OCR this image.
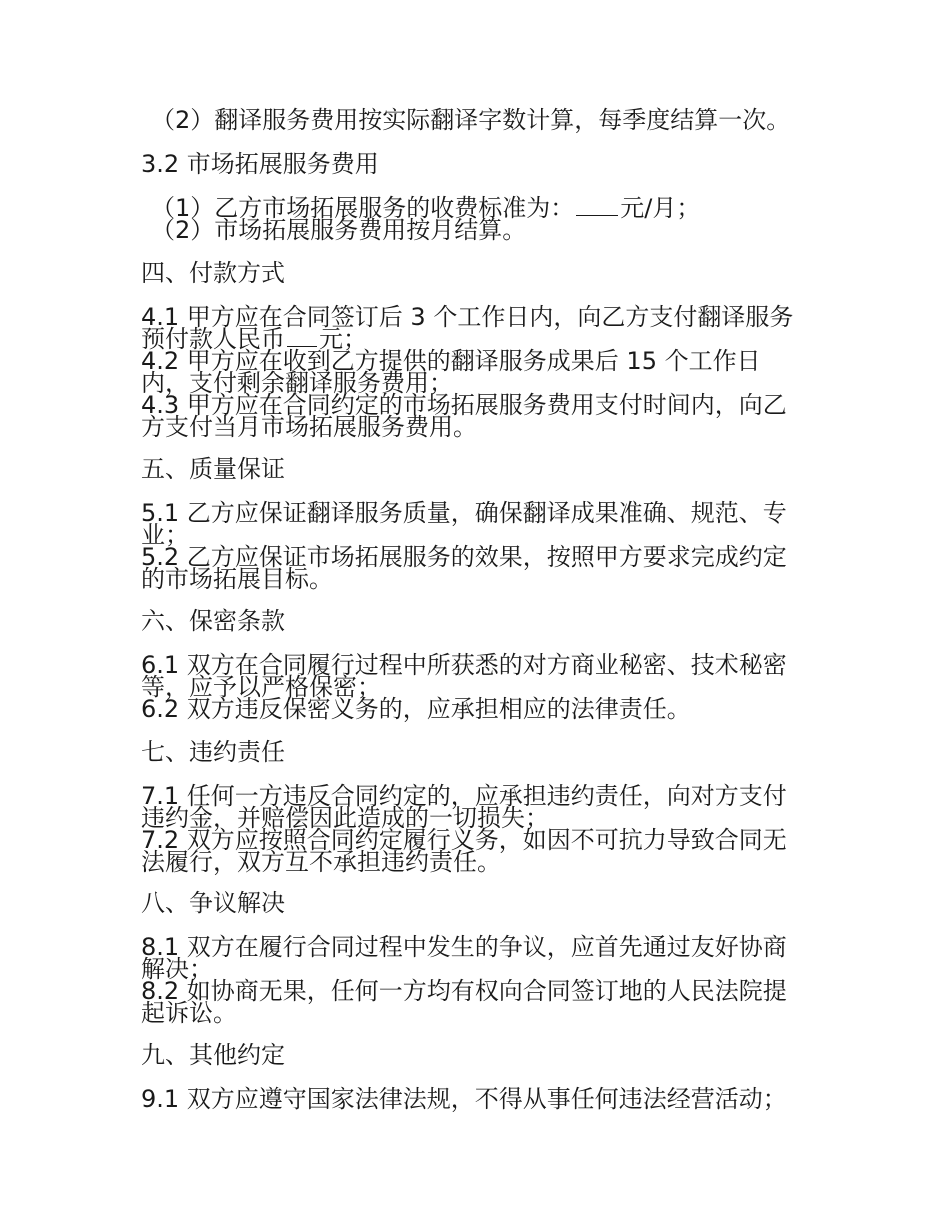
（2）翻译服务费用按实际翻译字数计算，每季度结算一次。
3.2 市场拓展服务费用
（1）乙方市场拓展服务的收费标准为： 元/月；
（2）市场拓展服务费用按月结算。
四、付款方式
4.1 甲方应在合同签订后 3 个工作日内，向乙方支付翻译服务
预付款人民币 元；
4.2 甲方应在收到乙方提供的翻译服务成果后 15 个工作日
内，支付剩余翻译服务费用；
4.3 甲方应在合同约定的市场拓展服务费用支付时间内，向乙
方支付当月市场拓展服务费用。
五、质量保证
5.1 乙方应保证翻译服务质量，确保翻译成果准确、规范、专
业；
5.2 乙方应保证市场拓展服务的效果，按照甲方要求完成约定
的市场拓展目标。
六、保密条款
6.1 双方在合同履行过程中所获悉的对方商业秘密、技术秘密
等，应予以严格保密；
6.2 双方违反保密义务的，应承担相应的法律责任。
七、违约责任
7.1 任何一方违反合同约定的，应承担违约责任，向对方支付
违约金，并赔偿因此造成的一切损失；
7.2 双方应按照合同约定履行义务，如因不可抗力导致合同无
法履行，双方互不承担违约责任。
八、争议解决
8.1 双方在履行合同过程中发生的争议，应首先通过友好协商
解决；
8.2 如协商无果，任何一方均有权向合同签订地的人民法院提
起诉讼。
九、其他约定
9.1 双方应遵守国家法律法规，不得从事任何违法经营活动；
